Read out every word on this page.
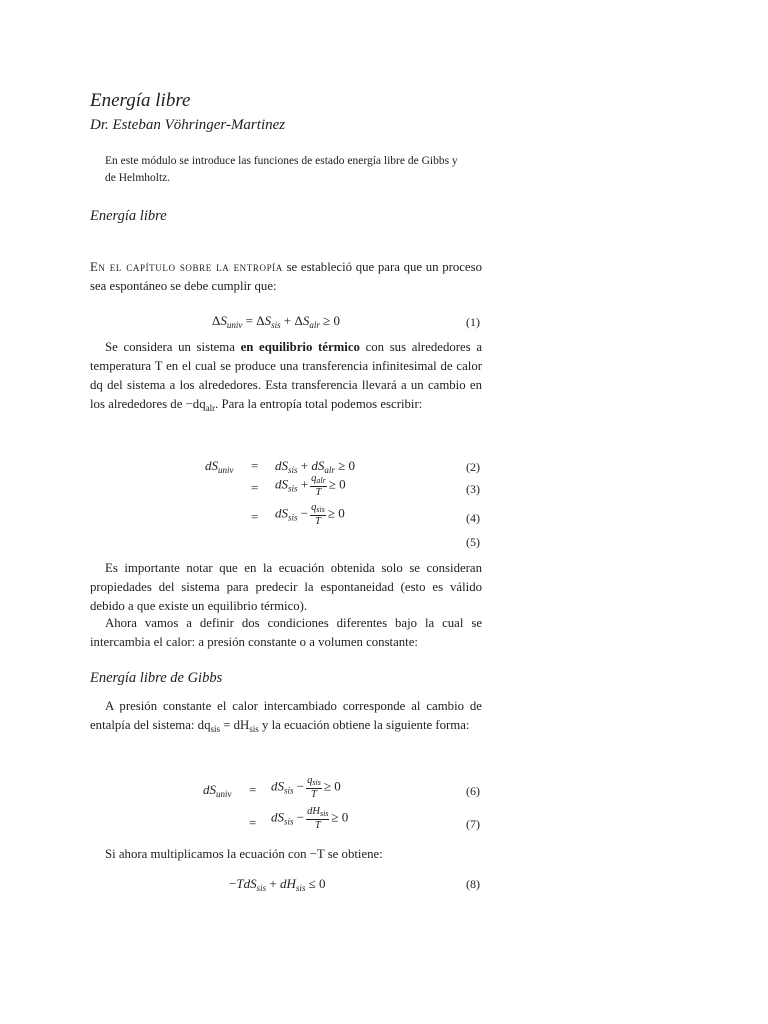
Energía libre
Dr. Esteban Vöhringer-Martinez
En este módulo se introduce las funciones de estado energía libre de Gibbs y de Helmholtz.
Energía libre
En el capítulo sobre la entropía se estableció que para que un proceso sea espontáneo se debe cumplir que:
$\Delta S_{univ} = \Delta S_{sis} + \Delta S_{alr} \ge 0$	(1)
Se considera un sistema en equilibrio térmico con sus alrededores a temperatura T en el cual se produce una transferencia infinitesimal de calor dq del sistema a los alrededores. Esta transferencia llevará a un cambio en los alrededores de $-dq_{alr}$. Para la entropía total podemos escribir:
$dS_{univ} = dS_{sis} + dS_{alr} \ge 0$	(2)
= $dS_{sis} + \frac{q_{alr}}{T} \ge 0$	(3)
= $dS_{sis} - \frac{q_{sis}}{T} \ge 0$	(4)
(5)
Es importante notar que en la ecuación obtenida solo se consideran propiedades del sistema para predecir la espontaneidad (esto es válido debido a que existe un equilibrio térmico).
Ahora vamos a definir dos condiciones diferentes bajo la cual se intercambia el calor: a presión constante o a volumen constante:
Energía libre de Gibbs
A presión constante el calor intercambiado corresponde al cambio de entalpía del sistema: $dq_{sis} = dH_{sis}$ y la ecuación obtiene la siguiente forma:
$dS_{univ} = dS_{sis} - \frac{q_{sis}}{T} \ge 0$	(6)
= $dS_{sis} - \frac{dH_{sis}}{T} \ge 0$	(7)
Si ahora multiplicamos la ecuación con −T se obtiene:
$-TdS_{sis} + dH_{sis} \le 0$	(8)
